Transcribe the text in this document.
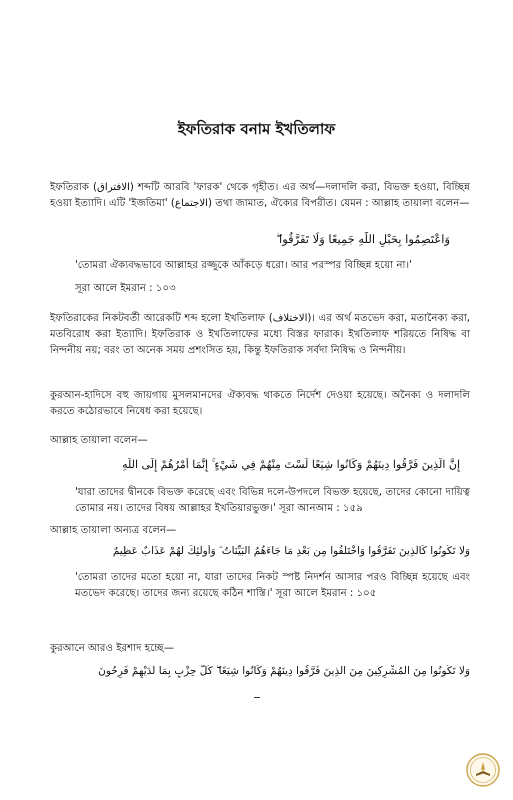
ইফতিরাক বনাম ইখতিলাফ
ইফতিরাক (الافتراق) শব্দটি আরবি 'ফারক' থেকে গৃহীত। এর অর্থ—দলাদলি করা, বিভক্ত হওয়া, বিচ্ছিন্ন হওয়া ইত্যাদি। এটি 'ইজতিমা' (الاجتماع) তথা জামাত, ঐক্যের বিপরীত। যেমন : আল্লাহ তায়ালা বলেন—
وَاعْتَصِمُوا بِحَبْلِ اللَّهِ جَمِيعًا وَلَا تَفَرَّقُوا ۖ
'তোমরা ঐক্যবদ্ধভাবে আল্লাহর রজ্জুকে আঁকড়ে ধরো। আর পরস্পর বিচ্ছিন্ন হয়ো না।'
সূরা আলে ইমরান : ১০৩
ইফতিরাকের নিকটবর্তী আরেকটি শব্দ হলো ইখতিলাফ (الاختلاف)। এর অর্থ মতভেদ করা, মতানৈক্য করা, মতবিরোধ করা ইত্যাদি। ইফতিরাক ও ইখতিলাফের মধ্যে বিস্তর ফারাক। ইখতিলাফ শরিয়তে নিষিদ্ধ বা নিন্দনীয় নয়; বরং তা অনেক সময় প্রশংসিত হয়, কিন্তু ইফতিরাক সর্বদা নিষিদ্ধ ও নিন্দনীয়।
কুরআন-হাদিসে বহু জায়গায় মুসলমানদের ঐক্যবদ্ধ থাকতে নির্দেশ দেওয়া হয়েছে। অনৈক্য ও দলাদলি করতে কঠোরভাবে নিষেধ করা হয়েছে।
আল্লাহ তায়ালা বলেন—
إِنَّ الَّذِينَ فَرَّقُوا دِينَهُمْ وَكَانُوا شِيَعًا لَّسْتَ مِنْهُمْ فِي شَيْءٍ ۚ إِنَّمَا أَمْرُهُمْ إِلَى اللَّهِ
'যারা তাদের দ্বীনকে বিভক্ত করেছে এবং বিভিন্ন দলে-উপদলে বিভক্ত হয়েছে, তাদের কোনো দায়িত্ব তোমার নয়। তাদের বিষয় আল্লাহর ইখতিয়ারভুক্ত।' সূরা আনআম : ১৫৯
আল্লাহ তায়ালা অন্যত্র বলেন—
وَلَا تَكُونُوا كَالَّذِينَ تَفَرَّقُوا وَاخْتَلَفُوا مِن بَعْدِ مَا جَاءَهُمُ الْبَيِّنَاتُ ۚ وَأُولَٰئِكَ لَهُمْ عَذَابٌ عَظِيمٌ
'তোমরা তাদের মতো হয়ো না, যারা তাদের নিকট স্পষ্ট নিদর্শন আসার পরও বিচ্ছিন্ন হয়েছে এবং মতভেদ করেছে। তাদের জন্য রয়েছে কঠিন শাস্তি।' সূরা আলে ইমরান : ১০৫
কুরআনে আরও ইরশাদ হচ্ছে—
وَلَا تَكُونُوا مِنَ الْمُشْرِكِينَ مِنَ الَّذِينَ فَرَّقُوا دِينَهُمْ وَكَانُوا شِيَعًا ۖ كُلُّ حِزْبٍ بِمَا لَدَيْهِمْ فَرِحُونَ
